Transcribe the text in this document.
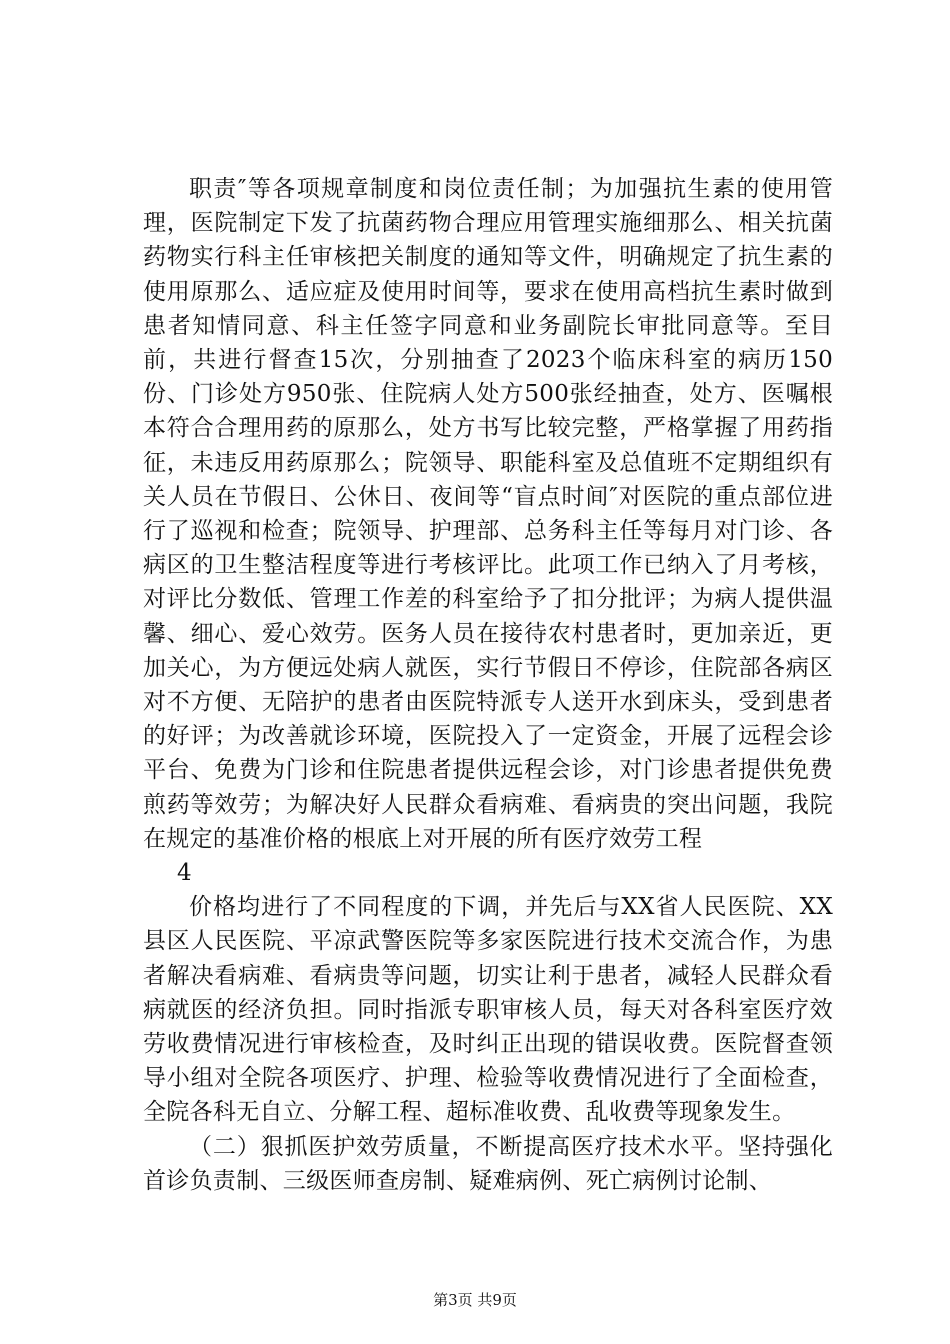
职责″等各项规章制度和岗位责任制；为加强抗生素的使用管理，医院制定下发了抗菌药物合理应用管理实施细那么、相关抗菌药物实行科主任审核把关制度的通知等文件，明确规定了抗生素的使用原那么、适应症及使用时间等，要求在使用高档抗生素时做到患者知情同意、科主任签字同意和业务副院长审批同意等。至目前，共进行督查15次，分别抽查了2023个临床科室的病历150份、门诊处方950张、住院病人处方500张经抽查，处方、医嘱根本符合合理用药的原那么，处方书写比较完整，严格掌握了用药指征，未违反用药原那么；院领导、职能科室及总值班不定期组织有关人员在节假日、公休日、夜间等“盲点时间″对医院的重点部位进行了巡视和检查；院领导、护理部、总务科主任等每月对门诊、各病区的卫生整洁程度等进行考核评比。此项工作已纳入了月考核，对评比分数低、管理工作差的科室给予了扣分批评；为病人提供温馨、细心、爱心效劳。医务人员在接待农村患者时，更加亲近，更加关心，为方便远处病人就医，实行节假日不停诊，住院部各病区对不方便、无陪护的患者由医院特派专人送开水到床头，受到患者的好评；为改善就诊环境，医院投入了一定资金，开展了远程会诊平台、免费为门诊和住院患者提供远程会诊，对门诊患者提供免费煎药等效劳；为解决好人民群众看病难、看病贵的突出问题，我院在规定的基准价格的根底上对开展的所有医疗效劳工程

4

价格均进行了不同程度的下调，并先后与XX省人民医院、XX县区人民医院、平凉武警医院等多家医院进行技术交流合作，为患者解决看病难、看病贵等问题，切实让利于患者，减轻人民群众看病就医的经济负担。同时指派专职审核人员，每天对各科室医疗效劳收费情况进行审核检查，及时纠正出现的错误收费。医院督查领导小组对全院各项医疗、护理、检验等收费情况进行了全面检查，全院各科无自立、分解工程、超标准收费、乱收费等现象发生。

（二）狠抓医护效劳质量，不断提高医疗技术水平。坚持强化首诊负责制、三级医师查房制、疑难病例、死亡病例讨论制、

第3页 共9页
